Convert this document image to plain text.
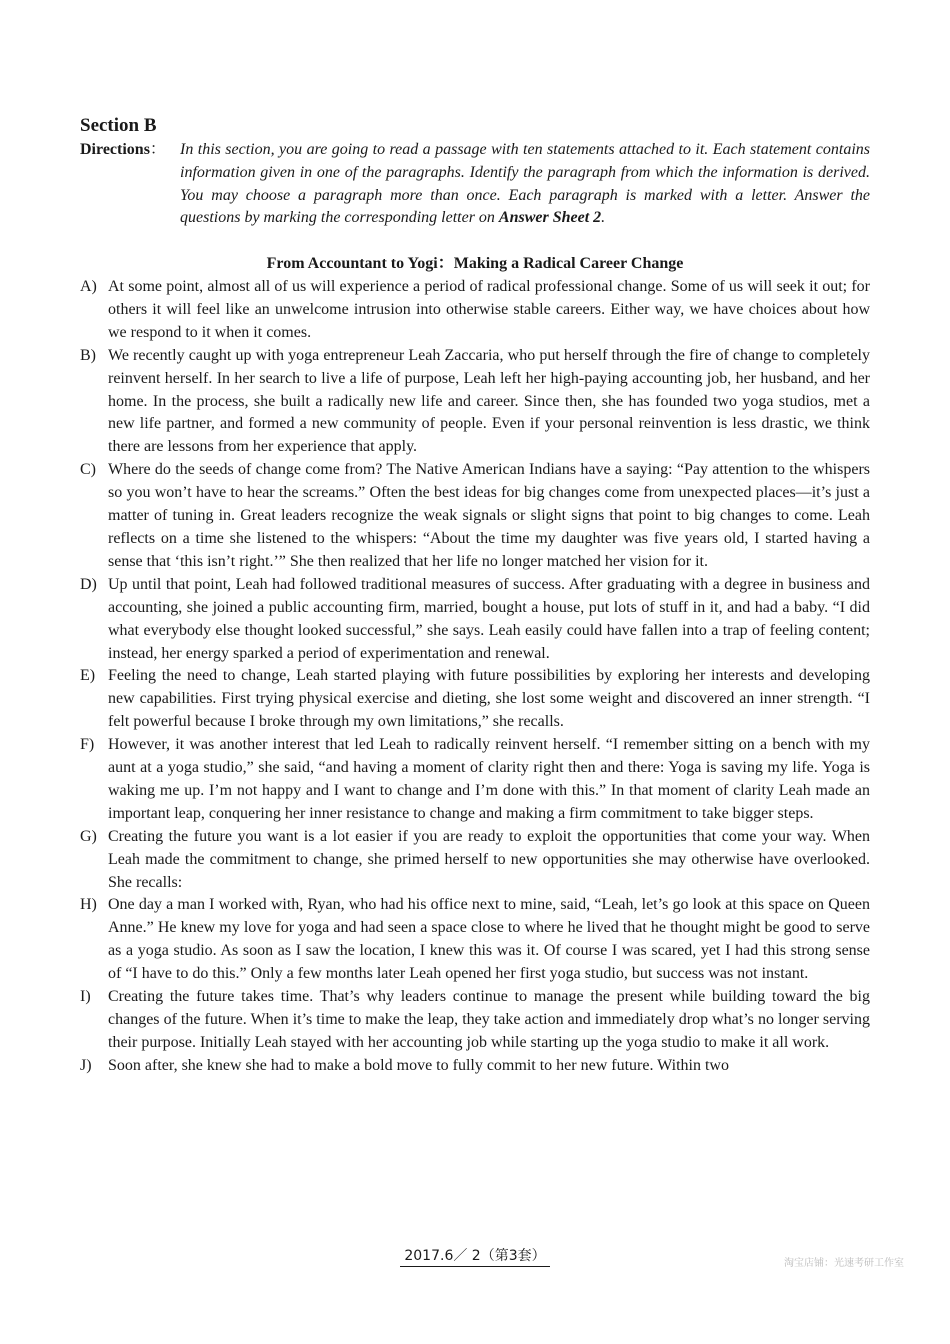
Section B
Directions： In this section, you are going to read a passage with ten statements attached to it. Each statement contains information given in one of the paragraphs. Identify the paragraph from which the information is derived. You may choose a paragraph more than once. Each paragraph is marked with a letter. Answer the questions by marking the corresponding letter on Answer Sheet 2.
From Accountant to Yogi：Making a Radical Career Change
A) At some point, almost all of us will experience a period of radical professional change. Some of us will seek it out; for others it will feel like an unwelcome intrusion into otherwise stable careers. Either way, we have choices about how we respond to it when it comes.
B) We recently caught up with yoga entrepreneur Leah Zaccaria, who put herself through the fire of change to completely reinvent herself. In her search to live a life of purpose, Leah left her high-paying accounting job, her husband, and her home. In the process, she built a radically new life and career. Since then, she has founded two yoga studios, met a new life partner, and formed a new community of people. Even if your personal reinvention is less drastic, we think there are lessons from her experience that apply.
C) Where do the seeds of change come from? The Native American Indians have a saying: “Pay attention to the whispers so you won’t have to hear the screams.” Often the best ideas for big changes come from unexpected places—it’s just a matter of tuning in. Great leaders recognize the weak signals or slight signs that point to big changes to come. Leah reflects on a time she listened to the whispers: “About the time my daughter was five years old, I started having a sense that ‘this isn’t right.’” She then realized that her life no longer matched her vision for it.
D) Up until that point, Leah had followed traditional measures of success. After graduating with a degree in business and accounting, she joined a public accounting firm, married, bought a house, put lots of stuff in it, and had a baby. “I did what everybody else thought looked successful,” she says. Leah easily could have fallen into a trap of feeling content; instead, her energy sparked a period of experimentation and renewal.
E) Feeling the need to change, Leah started playing with future possibilities by exploring her interests and developing new capabilities. First trying physical exercise and dieting, she lost some weight and discovered an inner strength. “I felt powerful because I broke through my own limitations,” she recalls.
F) However, it was another interest that led Leah to radically reinvent herself. “I remember sitting on a bench with my aunt at a yoga studio,” she said, “and having a moment of clarity right then and there: Yoga is saving my life. Yoga is waking me up. I’m not happy and I want to change and I’m done with this.” In that moment of clarity Leah made an important leap, conquering her inner resistance to change and making a firm commitment to take bigger steps.
G) Creating the future you want is a lot easier if you are ready to exploit the opportunities that come your way. When Leah made the commitment to change, she primed herself to new opportunities she may otherwise have overlooked. She recalls:
H) One day a man I worked with, Ryan, who had his office next to mine, said, “Leah, let’s go look at this space on Queen Anne.” He knew my love for yoga and had seen a space close to where he lived that he thought might be good to serve as a yoga studio. As soon as I saw the location, I knew this was it. Of course I was scared, yet I had this strong sense of “I have to do this.” Only a few months later Leah opened her first yoga studio, but success was not instant.
I) Creating the future takes time. That’s why leaders continue to manage the present while building toward the big changes of the future. When it’s time to make the leap, they take action and immediately drop what’s no longer serving their purpose. Initially Leah stayed with her accounting job while starting up the yoga studio to make it all work.
J) Soon after, she knew she had to make a bold move to fully commit to her new future. Within two
2017.6／ 2（第3套）	淘宝店铺：光速考研工作室
